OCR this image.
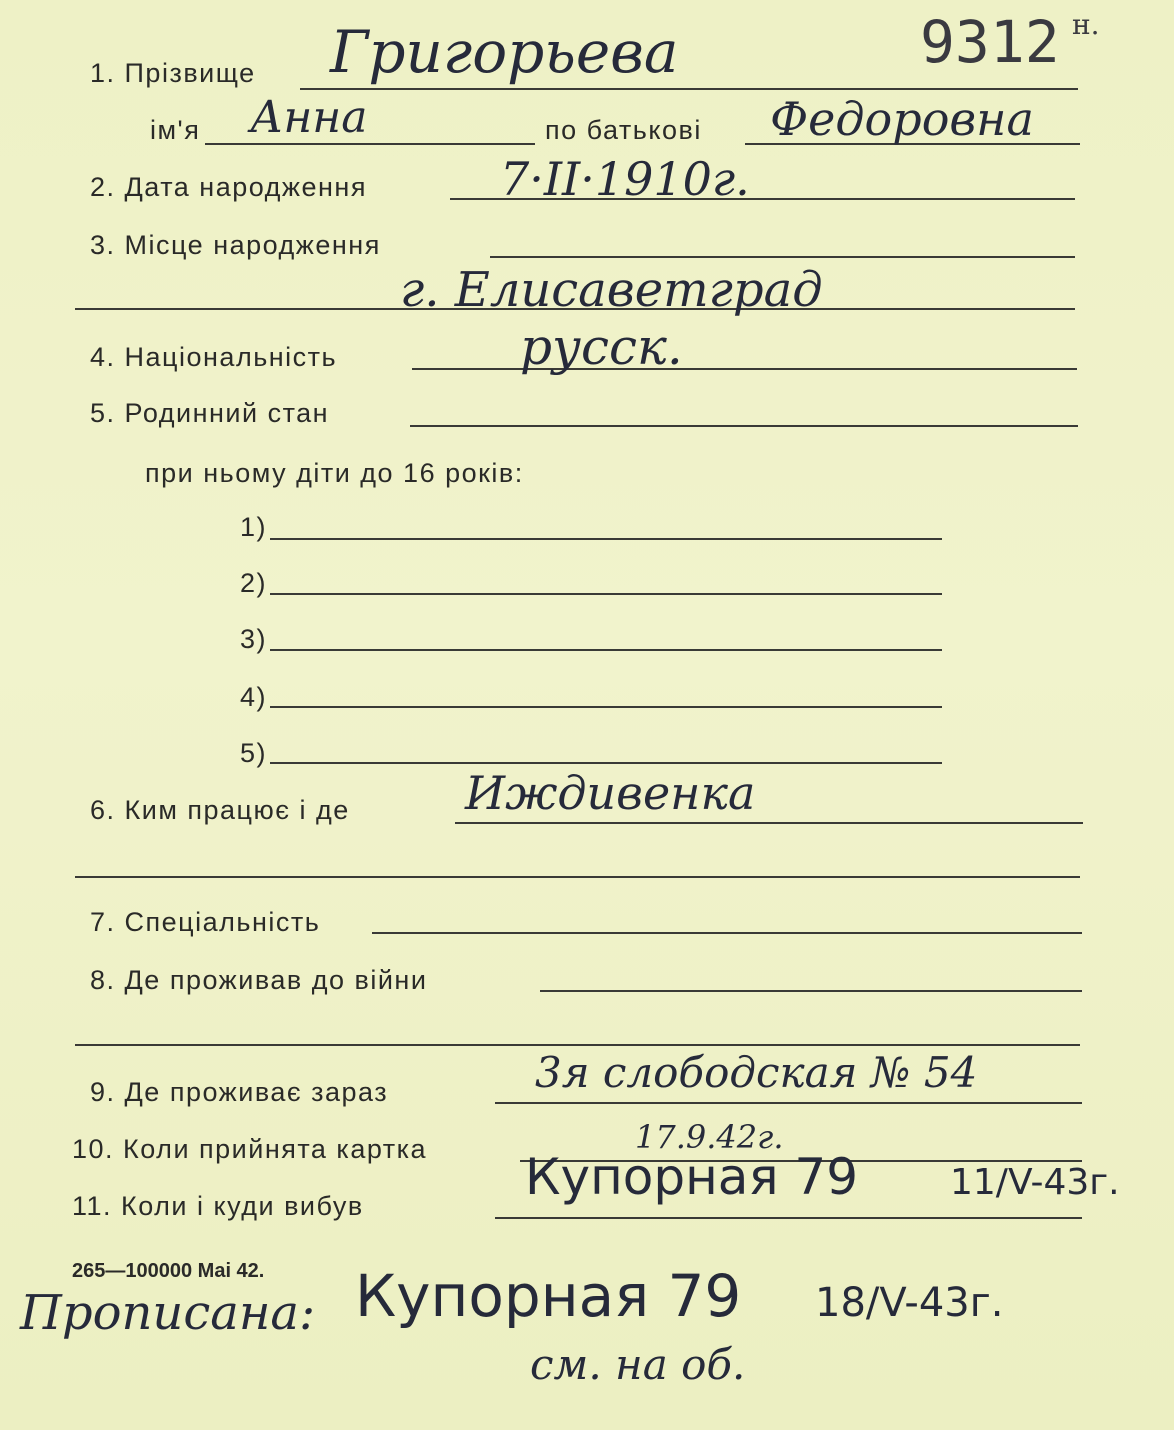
9312 н.
1. Прізвище Григорьева
ім'я Анна	по батькові Федоровна
2. Дата народження	7·II·1910г.
3. Місце народження
г. Елисаветград
4. Національність	русск.
5. Родинний стан
при ньому діти до 16 років:
1)
2)
3)
4)
5)
6. Ким працює і де	Иждивенка
7. Спеціальність
8. Де проживав до війни
9. Де проживає зараз	3я слободская № 54
10. Коли прийнята картка	17.9.42г.
11. Коли і куди вибув	Купорная 79	11/V-43г.
265—100000 Mai 42.
Прописана: Купорная 79 18/V-43г.
см. на об.
